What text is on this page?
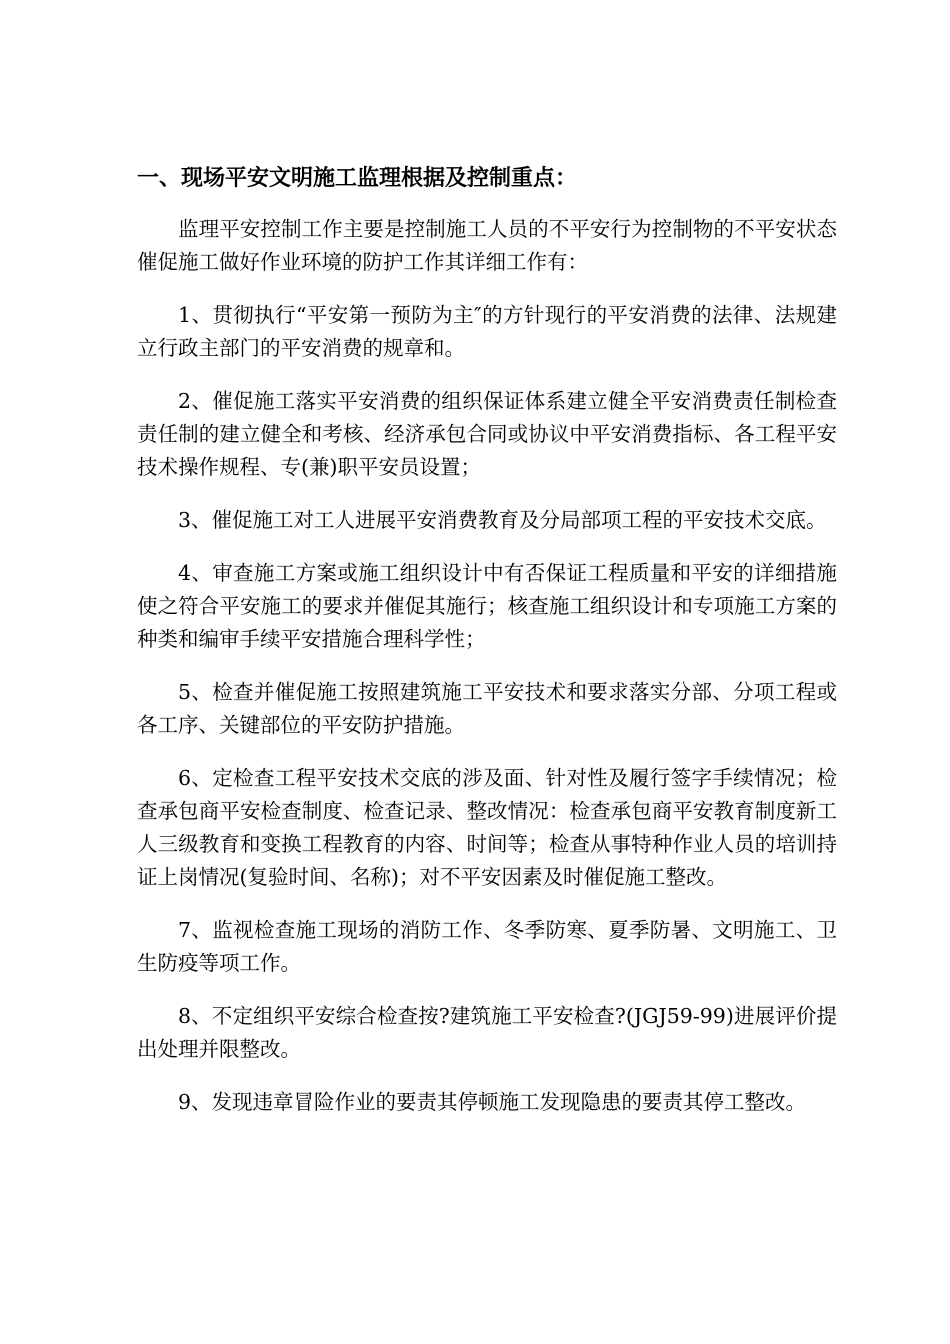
一、现场平安文明施工监理根据及控制重点：

监理平安控制工作主要是控制施工人员的不平安行为控制物的不平安状态催促施工做好作业环境的防护工作其详细工作有：

1、贯彻执行“平安第一预防为主″的方针现行的平安消费的法律、法规建立行政主部门的平安消费的规章和。

2、催促施工落实平安消费的组织保证体系建立健全平安消费责任制检查责任制的建立健全和考核、经济承包合同或协议中平安消费指标、各工程平安技术操作规程、专(兼)职平安员设置；

3、催促施工对工人进展平安消费教育及分局部项工程的平安技术交底。

4、审查施工方案或施工组织设计中有否保证工程质量和平安的详细措施使之符合平安施工的要求并催促其施行；核查施工组织设计和专项施工方案的种类和编审手续平安措施合理科学性；

5、检查并催促施工按照建筑施工平安技术和要求落实分部、分项工程或各工序、关键部位的平安防护措施。

6、定检查工程平安技术交底的涉及面、针对性及履行签字手续情况；检查承包商平安检查制度、检查记录、整改情况：检查承包商平安教育制度新工人三级教育和变换工程教育的内容、时间等；检查从事特种作业人员的培训持证上岗情况(复验时间、名称)；对不平安因素及时催促施工整改。

7、监视检查施工现场的消防工作、冬季防寒、夏季防暑、文明施工、卫生防疫等项工作。

8、不定组织平安综合检查按?建筑施工平安检查?(JGJ59-99)进展评价提出处理并限整改。

9、发现违章冒险作业的要责其停顿施工发现隐患的要责其停工整改。
